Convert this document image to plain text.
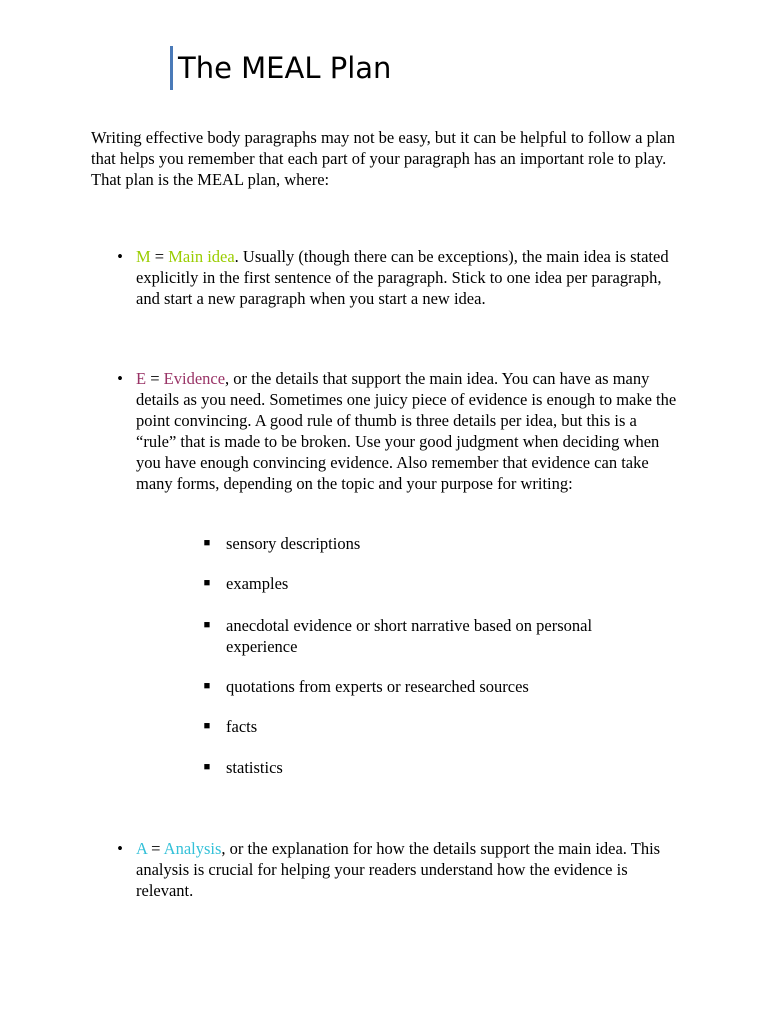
The MEAL Plan

Writing effective body paragraphs may not be easy, but it can be helpful to follow a plan that helps you remember that each part of your paragraph has an important role to play. That plan is the MEAL plan, where:

• M = Main idea. Usually (though there can be exceptions), the main idea is stated explicitly in the first sentence of the paragraph. Stick to one idea per paragraph, and start a new paragraph when you start a new idea.
• E = Evidence, or the details that support the main idea. You can have as many details as you need. Sometimes one juicy piece of evidence is enough to make the point convincing. A good rule of thumb is three details per idea, but this is a “rule” that is made to be broken. Use your good judgment when deciding when you have enough convincing evidence. Also remember that evidence can take many forms, depending on the topic and your purpose for writing:
■ sensory descriptions
■ examples
■ anecdotal evidence or short narrative based on personal experience
■ quotations from experts or researched sources
■ facts
■ statistics
• A = Analysis, or the explanation for how the details support the main idea. This analysis is crucial for helping your readers understand how the evidence is relevant.
